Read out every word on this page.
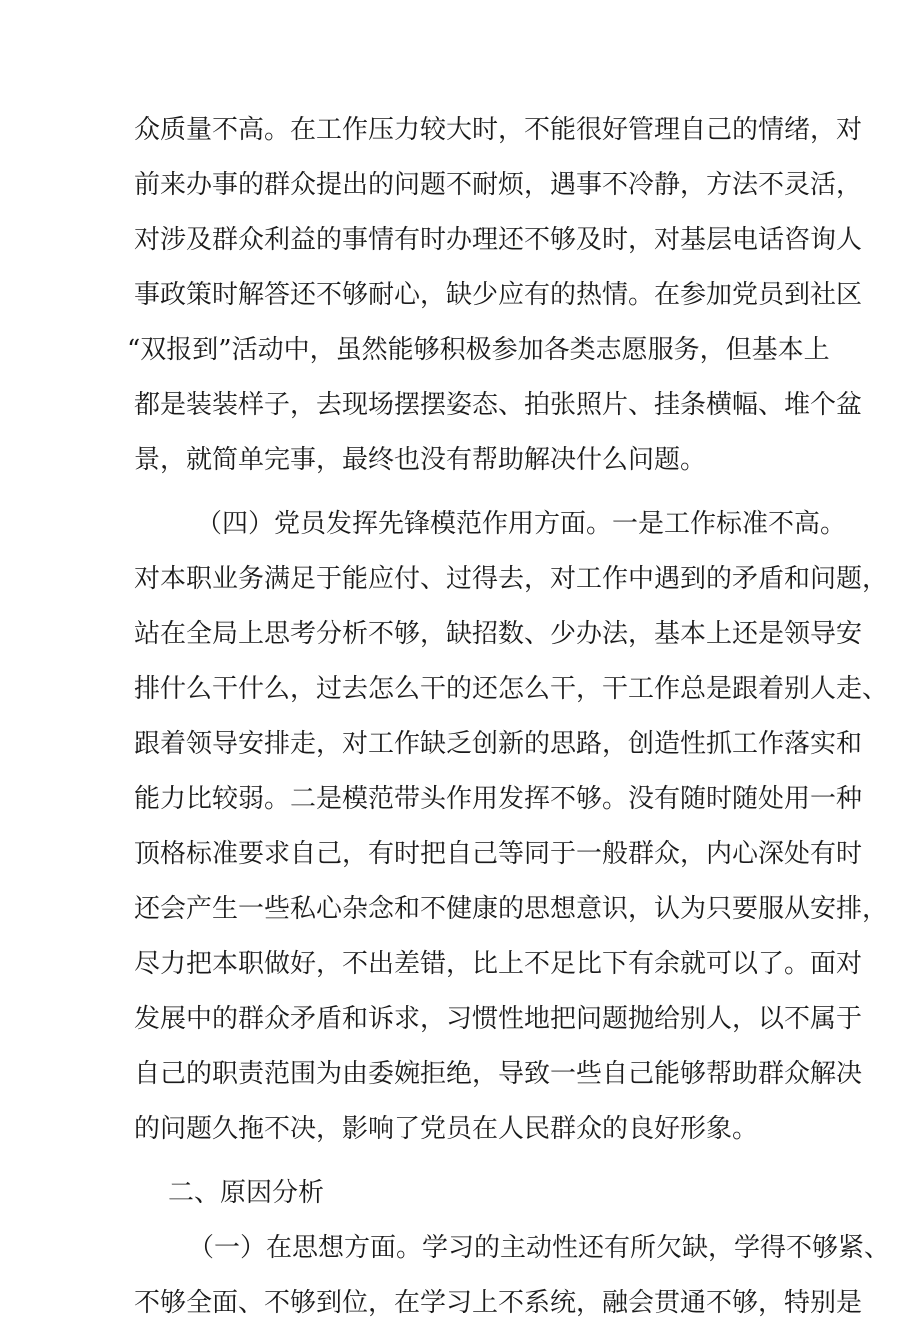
众质量不高。在工作压力较大时，不能很好管理自己的情绪，对
前来办事的群众提出的问题不耐烦，遇事不冷静，方法不灵活，
对涉及群众利益的事情有时办理还不够及时，对基层电话咨询人
事政策时解答还不够耐心，缺少应有的热情。在参加党员到社区
“双报到”活动中，虽然能够积极参加各类志愿服务，但基本上
都是装装样子，去现场摆摆姿态、拍张照片、挂条横幅、堆个盆
景，就简单完事，最终也没有帮助解决什么问题。
（四）党员发挥先锋模范作用方面。一是工作标准不高。
对本职业务满足于能应付、过得去，对工作中遇到的矛盾和问题，
站在全局上思考分析不够，缺招数、少办法，基本上还是领导安
排什么干什么，过去怎么干的还怎么干，干工作总是跟着别人走、
跟着领导安排走，对工作缺乏创新的思路，创造性抓工作落实和
能力比较弱。二是模范带头作用发挥不够。没有随时随处用一种
顶格标准要求自己，有时把自己等同于一般群众，内心深处有时
还会产生一些私心杂念和不健康的思想意识，认为只要服从安排，
尽力把本职做好，不出差错，比上不足比下有余就可以了。面对
发展中的群众矛盾和诉求，习惯性地把问题抛给别人，以不属于
自己的职责范围为由委婉拒绝，导致一些自己能够帮助群众解决
的问题久拖不决，影响了党员在人民群众的良好形象。
二、原因分析
（一）在思想方面。学习的主动性还有所欠缺，学得不够紧、
不够全面、不够到位，在学习上不系统，融会贯通不够，特别是
